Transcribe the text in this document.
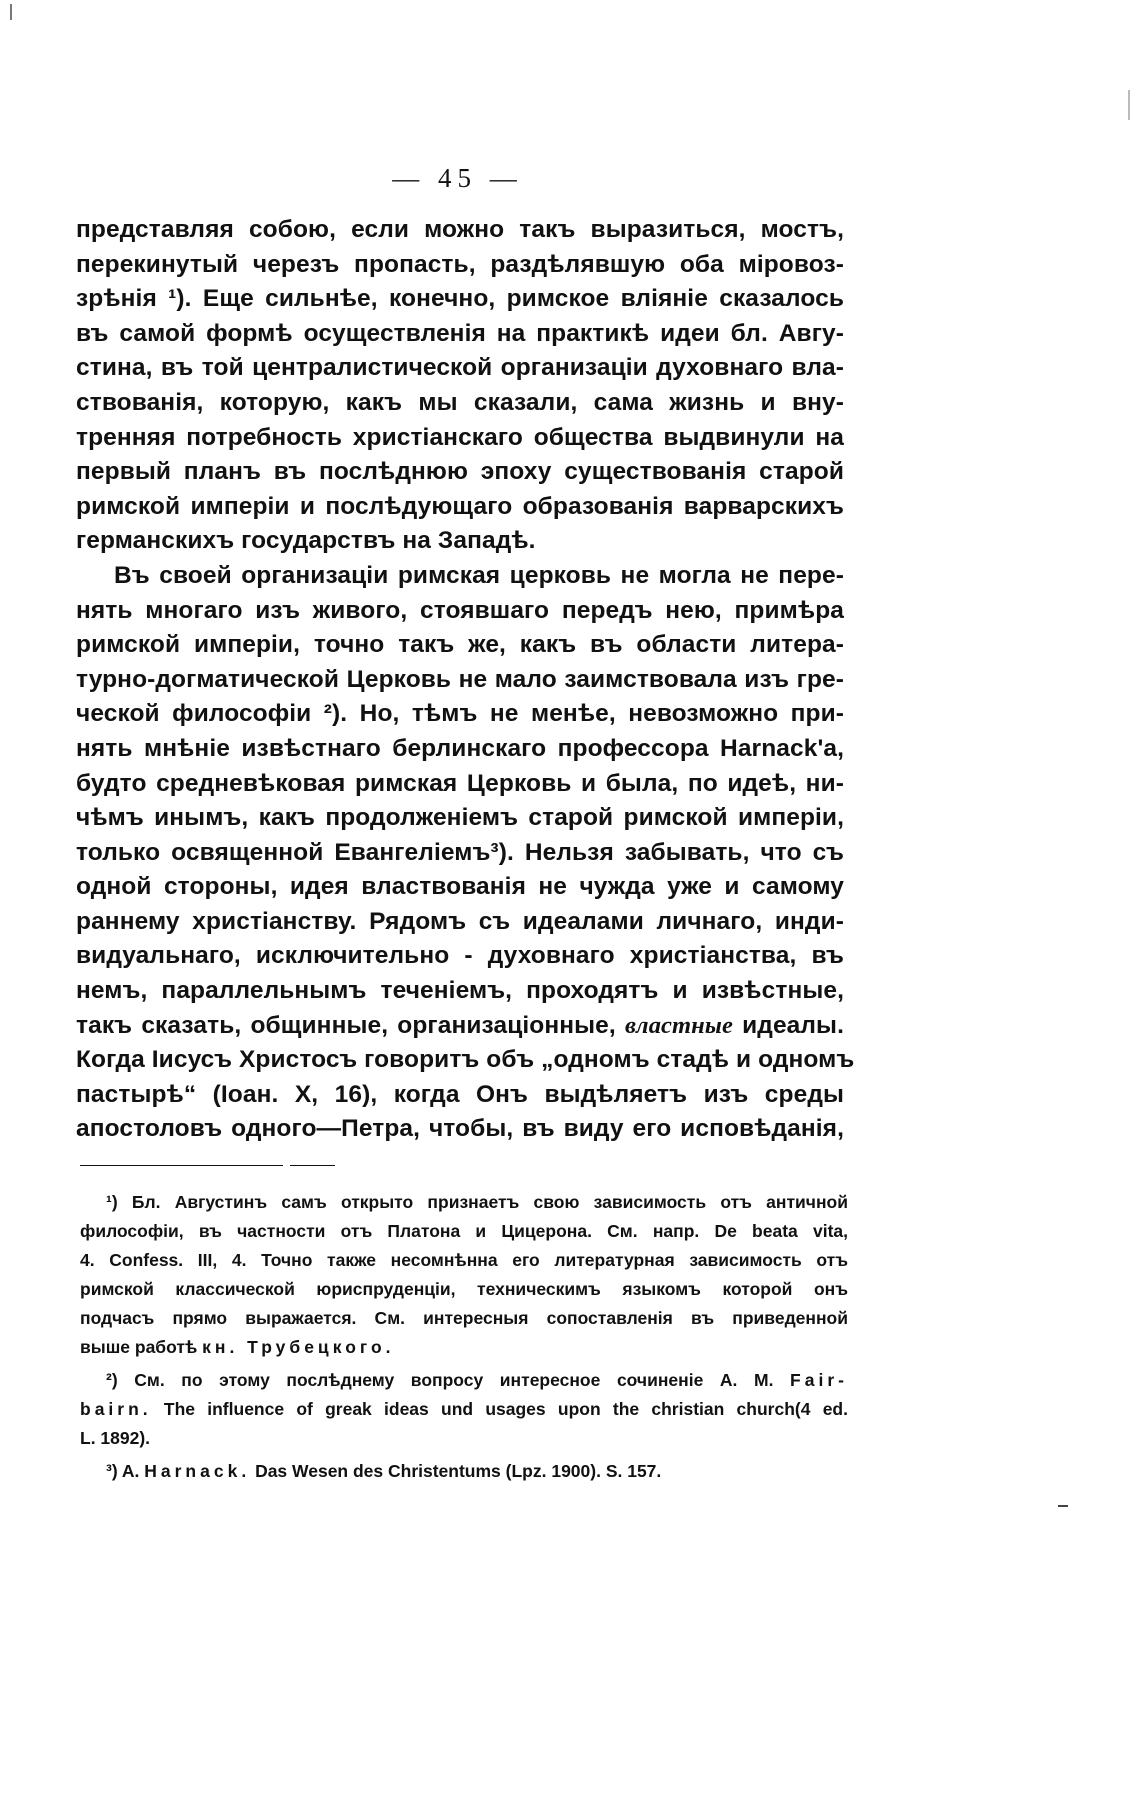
— 45 —
представляя собою, если можно такъ выразиться, мостъ,
перекинутый черезъ пропасть, раздѣлявшую оба міровоз-
зрѣнія ¹). Еще сильнѣе, конечно, римское вліяніе сказалось
въ самой формѣ осуществленія на практикѣ идеи бл. Авгу-
стина, въ той централистической организаціи духовнаго вла-
ствованія, которую, какъ мы сказали, сама жизнь и вну-
тренняя потребность христіанскаго общества выдвинули на
первый планъ въ послѣднюю эпоху существованія старой
римской имперіи и послѣдующаго образованія варварскихъ
германскихъ государствъ на Западѣ.
Въ своей организаціи римская церковь не могла не пере-
нять многаго изъ живого, стоявшаго передъ нею, примѣра
римской имперіи, точно такъ же, какъ въ области литера-
турно-догматической Церковь не мало заимствовала изъ гре-
ческой философіи ²). Но, тѣмъ не менѣе, невозможно при-
нять мнѣніе извѣстнаго берлинскаго профессора Harnack'a,
будто средневѣковая римская Церковь и была, по идеѣ, ни-
чѣмъ инымъ, какъ продолженіемъ старой римской имперіи,
только освященной Евангеліемъ³). Нельзя забывать, что съ
одной стороны, идея властвованія не чужда уже и самому
раннему христіанству. Рядомъ съ идеалами личнаго, инди-
видуальнаго, исключительно - духовнаго христіанства, въ
немъ, параллельнымъ теченіемъ, проходятъ и извѣстные,
такъ сказать, общинные, организаціонные, властные идеалы.
Когда Іисусъ Христосъ говоритъ объ „одномъ стадѣ и одномъ
пастырѣ“ (Іоан. X, 16), когда Онъ выдѣляетъ изъ среды
апостоловъ одного—Петра, чтобы, въ виду его исповѣданія,
¹) Бл. Августинъ самъ открыто признаетъ свою зависимость отъ античной
философіи, въ частности отъ Платона и Цицерона. См. напр. De beata vita,
4. Confess. III, 4. Точно также несомнѣнна его литературная зависимость отъ
римской классической юриспруденціи, техническимъ языкомъ которой онъ
подчасъ прямо выражается. См. интересныя сопоставленія въ приведенной
выше работѣ кн. Трубецкого.
²) См. по этому послѣднему вопросу интересное сочиненіе A. M. Fair-
bairn. The influence of greak ideas und usages upon the christian church(4 ed.
L. 1892).
³) A. Harnack. Das Wesen des Christentums (Lpz. 1900). S. 157.
